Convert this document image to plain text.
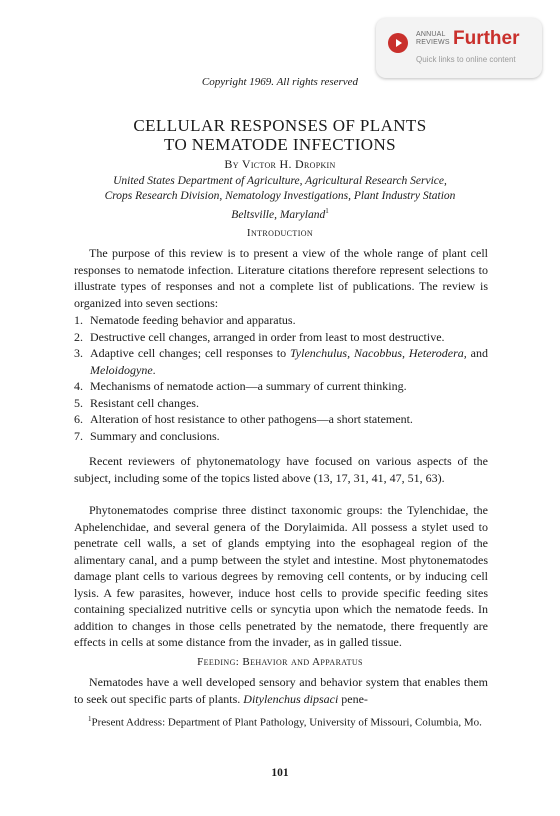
ANNUAL
REVIEWS Further
Quick links to online content
Copyright 1969. All rights reserved
CELLULAR RESPONSES OF PLANTS
TO NEMATODE INFECTIONS
By Victor H. Dropkin
United States Department of Agriculture, Agricultural Research Service,
Crops Research Division, Nematology Investigations, Plant Industry Station
Beltsville, Maryland$^1$
Introduction

The purpose of this review is to present a view of the whole range of plant cell responses to nematode infection. Literature citations therefore represent selections to illustrate types of responses and not a complete list of publications. The review is organized into seven sections:

1. Nematode feeding behavior and apparatus.
2. Destructive cell changes, arranged in order from least to most destructive.
3. Adaptive cell changes; cell responses to Tylenchulus, Nacobbus, Heterodera, and Meloidogyne.
4. Mechanisms of nematode action—a summary of current thinking.
5. Resistant cell changes.
6. Alteration of host resistance to other pathogens—a short statement.
7. Summary and conclusions.

Recent reviewers of phytonematology have focused on various aspects of the subject, including some of the topics listed above (13, 17, 31, 41, 47, 51, 63).

Phytonematodes comprise three distinct taxonomic groups: the Tylenchidae, the Aphelenchidae, and several genera of the Dorylaimida. All possess a stylet used to penetrate cell walls, a set of glands emptying into the esophageal region of the alimentary canal, and a pump between the stylet and intestine. Most phytonematodes damage plant cells to various degrees by removing cell contents, or by inducing cell lysis. A few parasites, however, induce host cells to provide specific feeding sites containing specialized nutritive cells or syncytia upon which the nematode feeds. In addition to changes in those cells penetrated by the nematode, there frequently are effects in cells at some distance from the invader, as in galled tissue.

Feeding: Behavior and Apparatus

Nematodes have a well developed sensory and behavior system that enables them to seek out specific parts of plants. Ditylenchus dipsaci pene-

$^1$Present Address: Department of Plant Pathology, University of Missouri, Columbia, Mo.

101
